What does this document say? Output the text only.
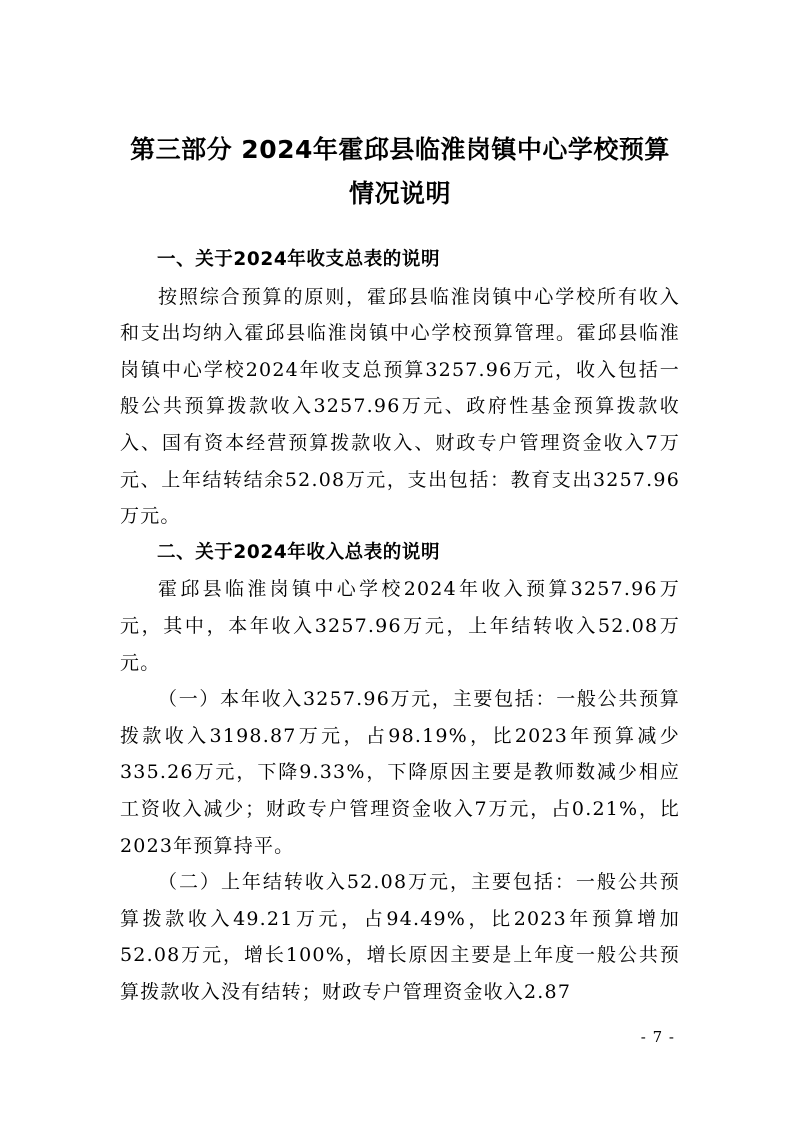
第三部分 2024年霍邱县临淮岗镇中心学校预算情况说明
一、关于2024年收支总表的说明

按照综合预算的原则，霍邱县临淮岗镇中心学校所有收入和支出均纳入霍邱县临淮岗镇中心学校预算管理。霍邱县临淮岗镇中心学校2024年收支总预算3257.96万元，收入包括一般公共预算拨款收入3257.96万元、政府性基金预算拨款收入、国有资本经营预算拨款收入、财政专户管理资金收入7万元、上年结转结余52.08万元，支出包括：教育支出3257.96万元。

二、关于2024年收入总表的说明

霍邱县临淮岗镇中心学校2024年收入预算3257.96万元，其中，本年收入3257.96万元，上年结转收入52.08万元。

（一）本年收入3257.96万元，主要包括：一般公共预算拨款收入3198.87万元，占98.19%，比2023年预算减少335.26万元，下降9.33%，下降原因主要是教师数减少相应工资收入减少；财政专户管理资金收入7万元，占0.21%，比2023年预算持平。

（二）上年结转收入52.08万元，主要包括：一般公共预算拨款收入49.21万元，占94.49%，比2023年预算增加52.08万元，增长100%，增长原因主要是上年度一般公共预算拨款收入没有结转；财政专户管理资金收入2.87

- 7 -
